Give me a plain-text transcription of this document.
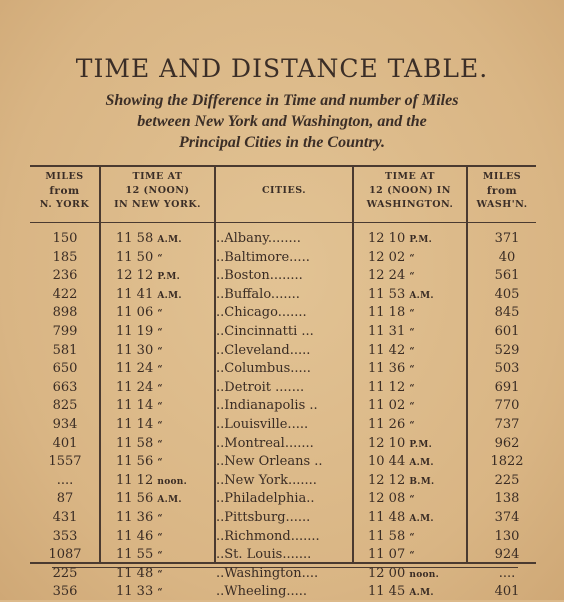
TIME AND DISTANCE TABLE.
Showing the Difference in Time and number of Miles
between New York and Washington, and the
Principal Cities in the Country.
MILES
from
N. YORK
TIME AT
12 (NOON)
IN NEW YORK.
CITIES.
TIME AT
12 (NOON) IN
WASHINGTON.
MILES
from
WASH'N.
150	11 58 A.M.	..Albany........	12 10 P.M.	371
185	11 50 “	..Baltimore.....	12 02 “	40
236	12 12 P.M.	..Boston........	12 24 “	561
422	11 41 A.M.	..Buffalo.......	11 53 A.M.	405
898	11 06 “	..Chicago.......	11 18 “	845
799	11 19 “	..Cincinnatti ...	11 31 “	601
581	11 30 “	..Cleveland.....	11 42 “	529
650	11 24 “	..Columbus.....	11 36 “	503
663	11 24 “	..Detroit .......	11 12 “	691
825	11 14 “	..Indianapolis ..	11 02 “	770
934	11 14 “	..Louisville.....	11 26 “	737
401	11 58 “	..Montreal.......	12 10 P.M.	962
1557	11 56 “	..New Orleans ..	10 44 A.M.	1822
....	11 12 noon. ..New York.......	12 12 B.M.	225
87	11 56 A.M.	..Philadelphia..	12 08 “	138
431	11 36 “	..Pittsburg......	11 48 A.M.	374
353	11 46 “	..Richmond.......	11 58 “	130
1087	11 55 “	..St. Louis.......	11 07 “	924
225	11 48 “	..Washington....	12 00 noon.	....
356	11 33 “	..Wheeling.....	11 45 A.M.	401
